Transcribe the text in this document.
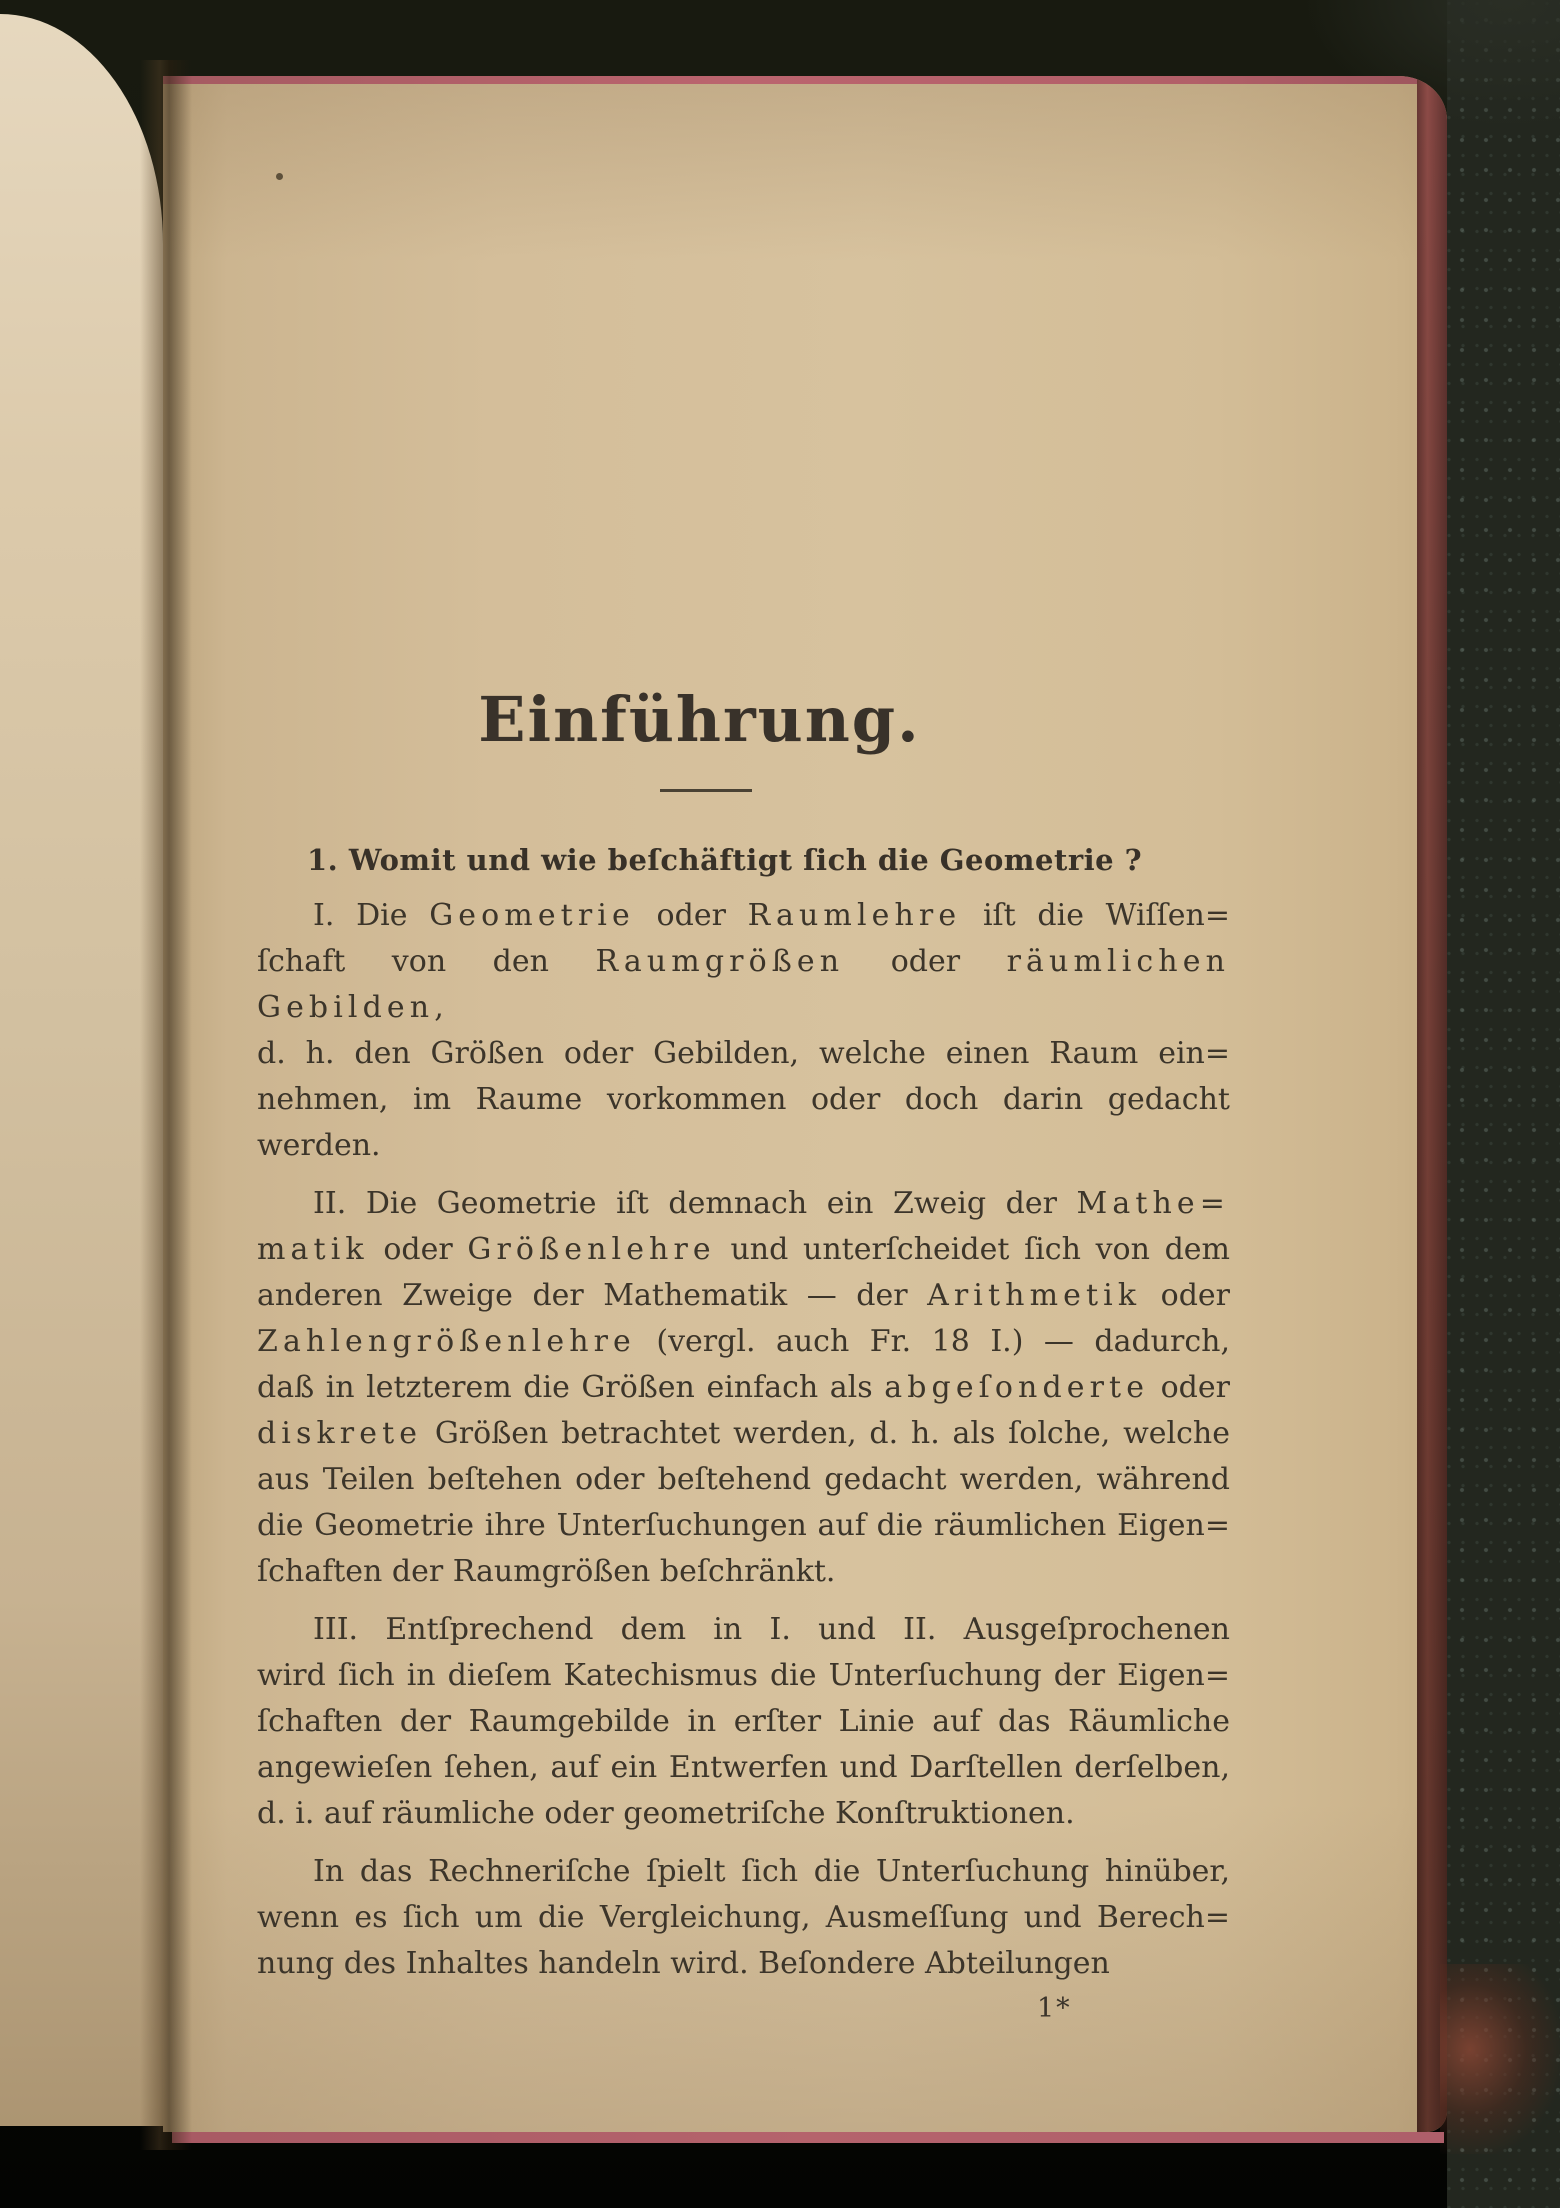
Einführung.
1. Womit und wie beſchäftigt ſich die Geometrie ?
I. Die Geometrie oder Raumlehre iſt die Wiſſen=
ſchaft von den Raumgrößen oder räumlichen Gebilden,
d. h. den Größen oder Gebilden, welche einen Raum ein=
nehmen, im Raume vorkommen oder doch darin gedacht
werden.
II. Die Geometrie iſt demnach ein Zweig der Mathe=
matik oder Größenlehre und unterſcheidet ſich von dem
anderen Zweige der Mathematik — der Arithmetik oder
Zahlengrößenlehre (vergl. auch Fr. 18 I.) — dadurch,
daß in letzterem die Größen einfach als abgeſonderte oder
diskrete Größen betrachtet werden, d. h. als ſolche, welche
aus Teilen beſtehen oder beſtehend gedacht werden, während
die Geometrie ihre Unterſuchungen auf die räumlichen Eigen=
ſchaften der Raumgrößen beſchränkt.
III. Entſprechend dem in I. und II. Ausgeſprochenen
wird ſich in dieſem Katechismus die Unterſuchung der Eigen=
ſchaften der Raumgebilde in erſter Linie auf das Räumliche
angewieſen ſehen, auf ein Entwerfen und Darſtellen derſelben,
d. i. auf räumliche oder geometriſche Konſtruktionen.
In das Rechneriſche ſpielt ſich die Unterſuchung hinüber,
wenn es ſich um die Vergleichung, Ausmeſſung und Berech=
nung des Inhaltes handeln wird. Beſondere Abteilungen
1*
